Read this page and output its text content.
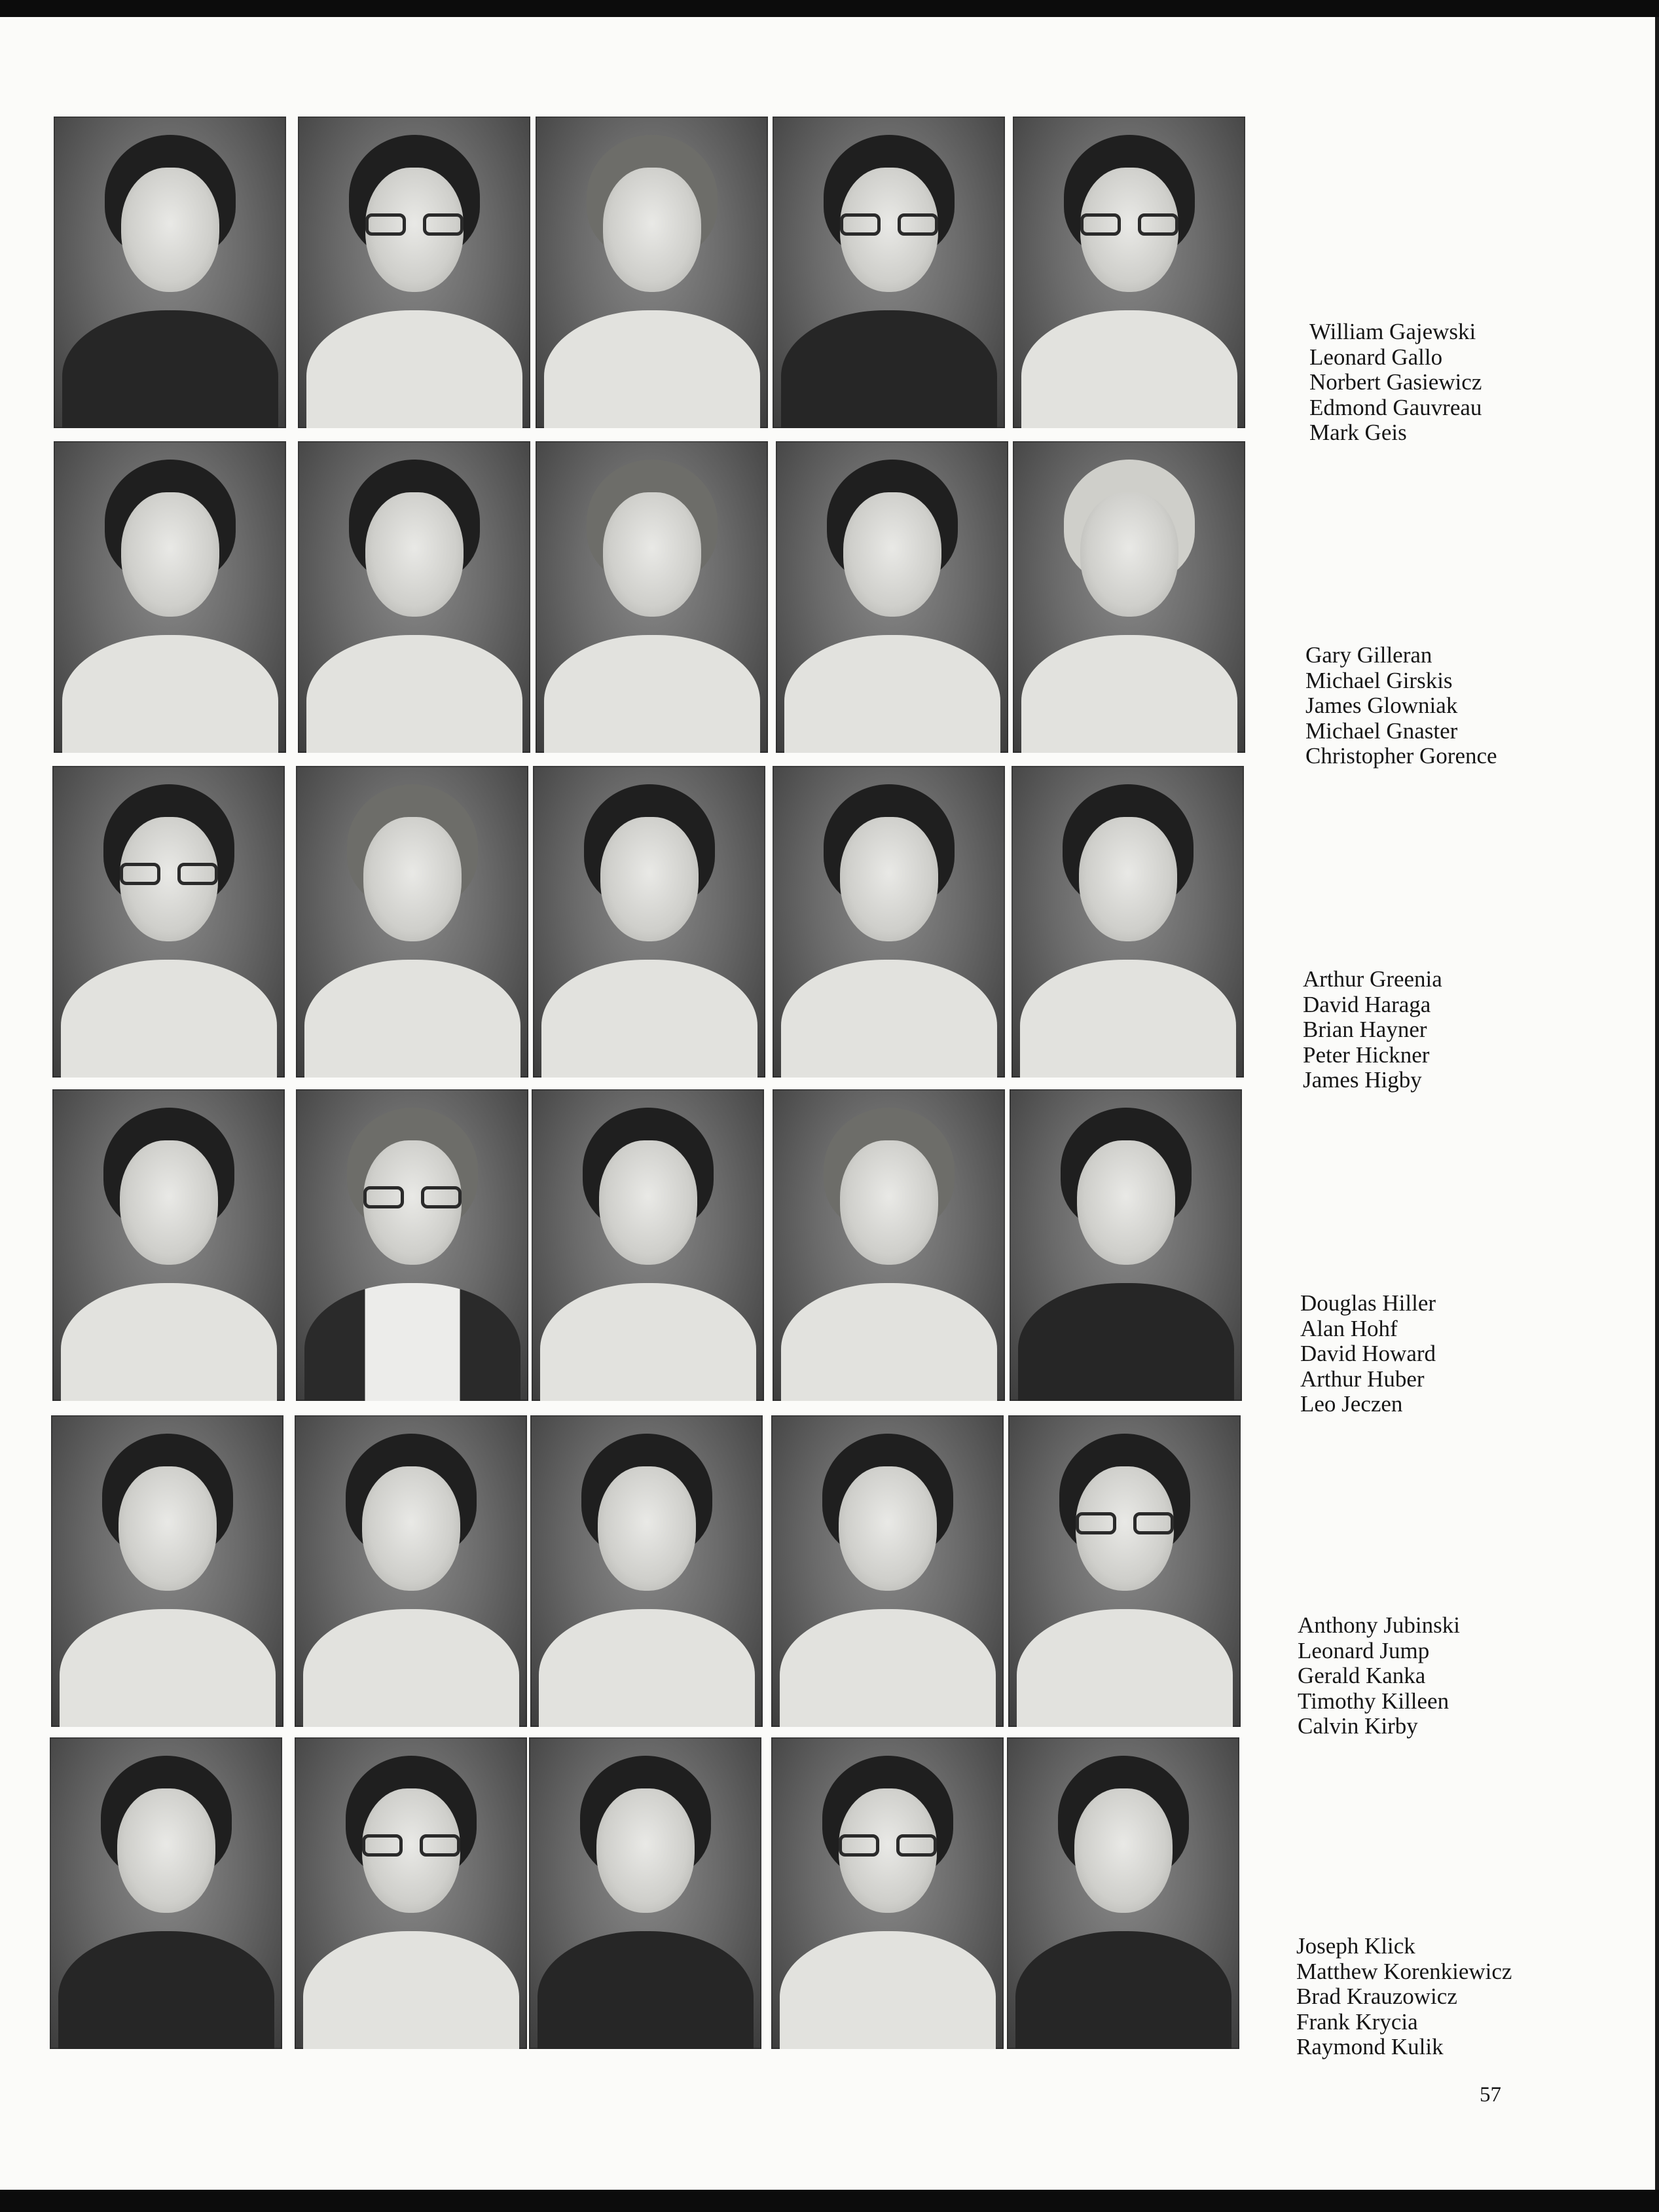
William Gajewski
Leonard Gallo
Norbert Gasiewicz
Edmond Gauvreau
Mark Geis
Gary Gilleran
Michael Girskis
James Glowniak
Michael Gnaster
Christopher Gorence
Arthur Greenia
David Haraga
Brian Hayner
Peter Hickner
James Higby
Douglas Hiller
Alan Hohf
David Howard
Arthur Huber
Leo Jeczen
Anthony Jubinski
Leonard Jump
Gerald Kanka
Timothy Killeen
Calvin Kirby
Joseph Klick
Matthew Korenkiewicz
Brad Krauzowicz
Frank Krycia
Raymond Kulik
57
